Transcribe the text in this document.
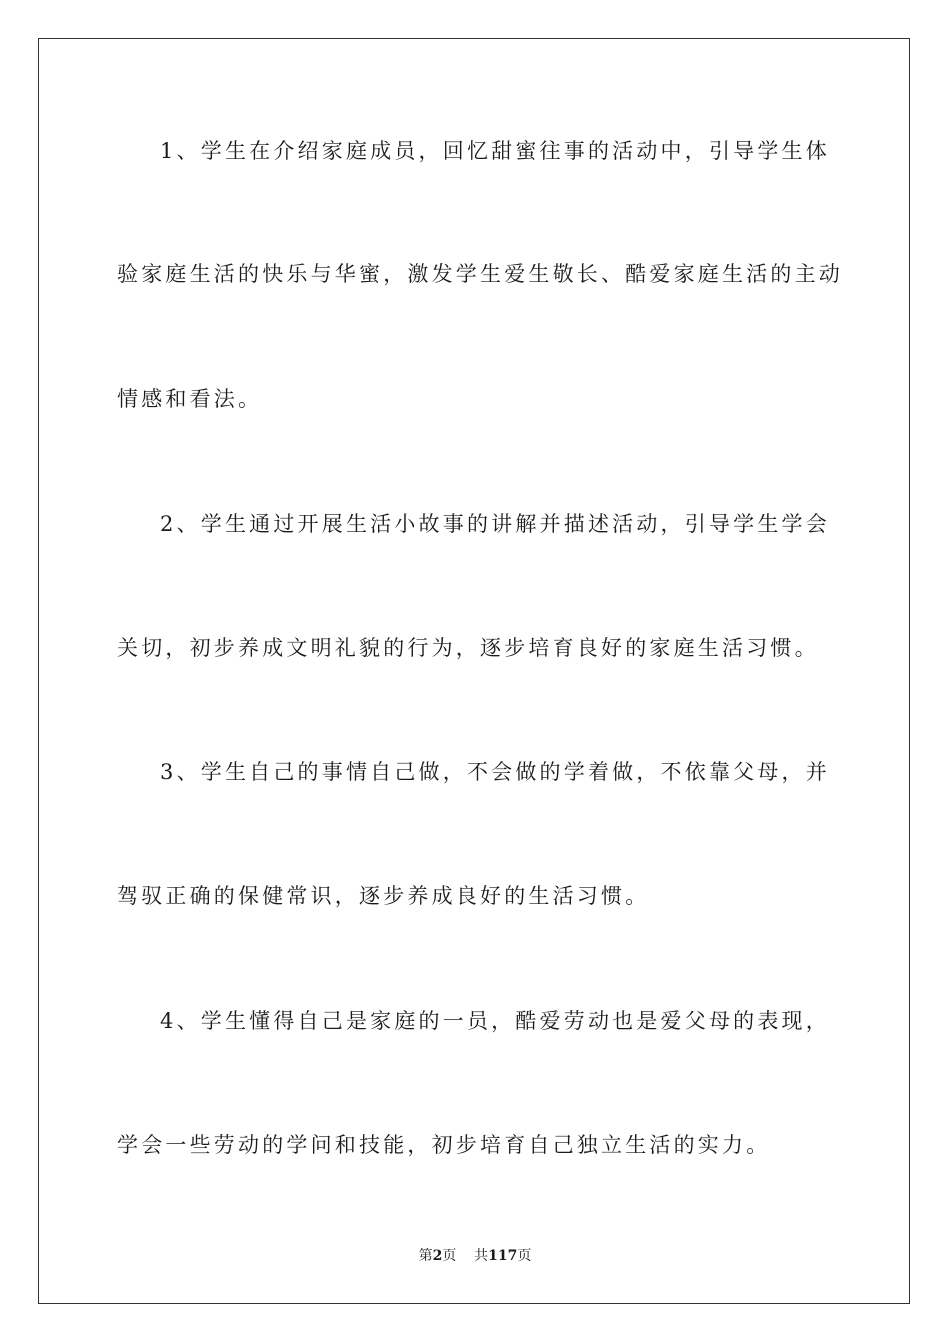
1、学生在介绍家庭成员，回忆甜蜜往事的活动中，引导学生体
验家庭生活的快乐与华蜜，激发学生爱生敬长、酷爱家庭生活的主动
情感和看法。
2、学生通过开展生活小故事的讲解并描述活动，引导学生学会
关切，初步养成文明礼貌的行为，逐步培育良好的家庭生活习惯。
3、学生自己的事情自己做，不会做的学着做，不依靠父母，并
驾驭正确的保健常识，逐步养成良好的生活习惯。
4、学生懂得自己是家庭的一员，酷爱劳动也是爱父母的表现，
学会一些劳动的学问和技能，初步培育自己独立生活的实力。
第2页 共117页
